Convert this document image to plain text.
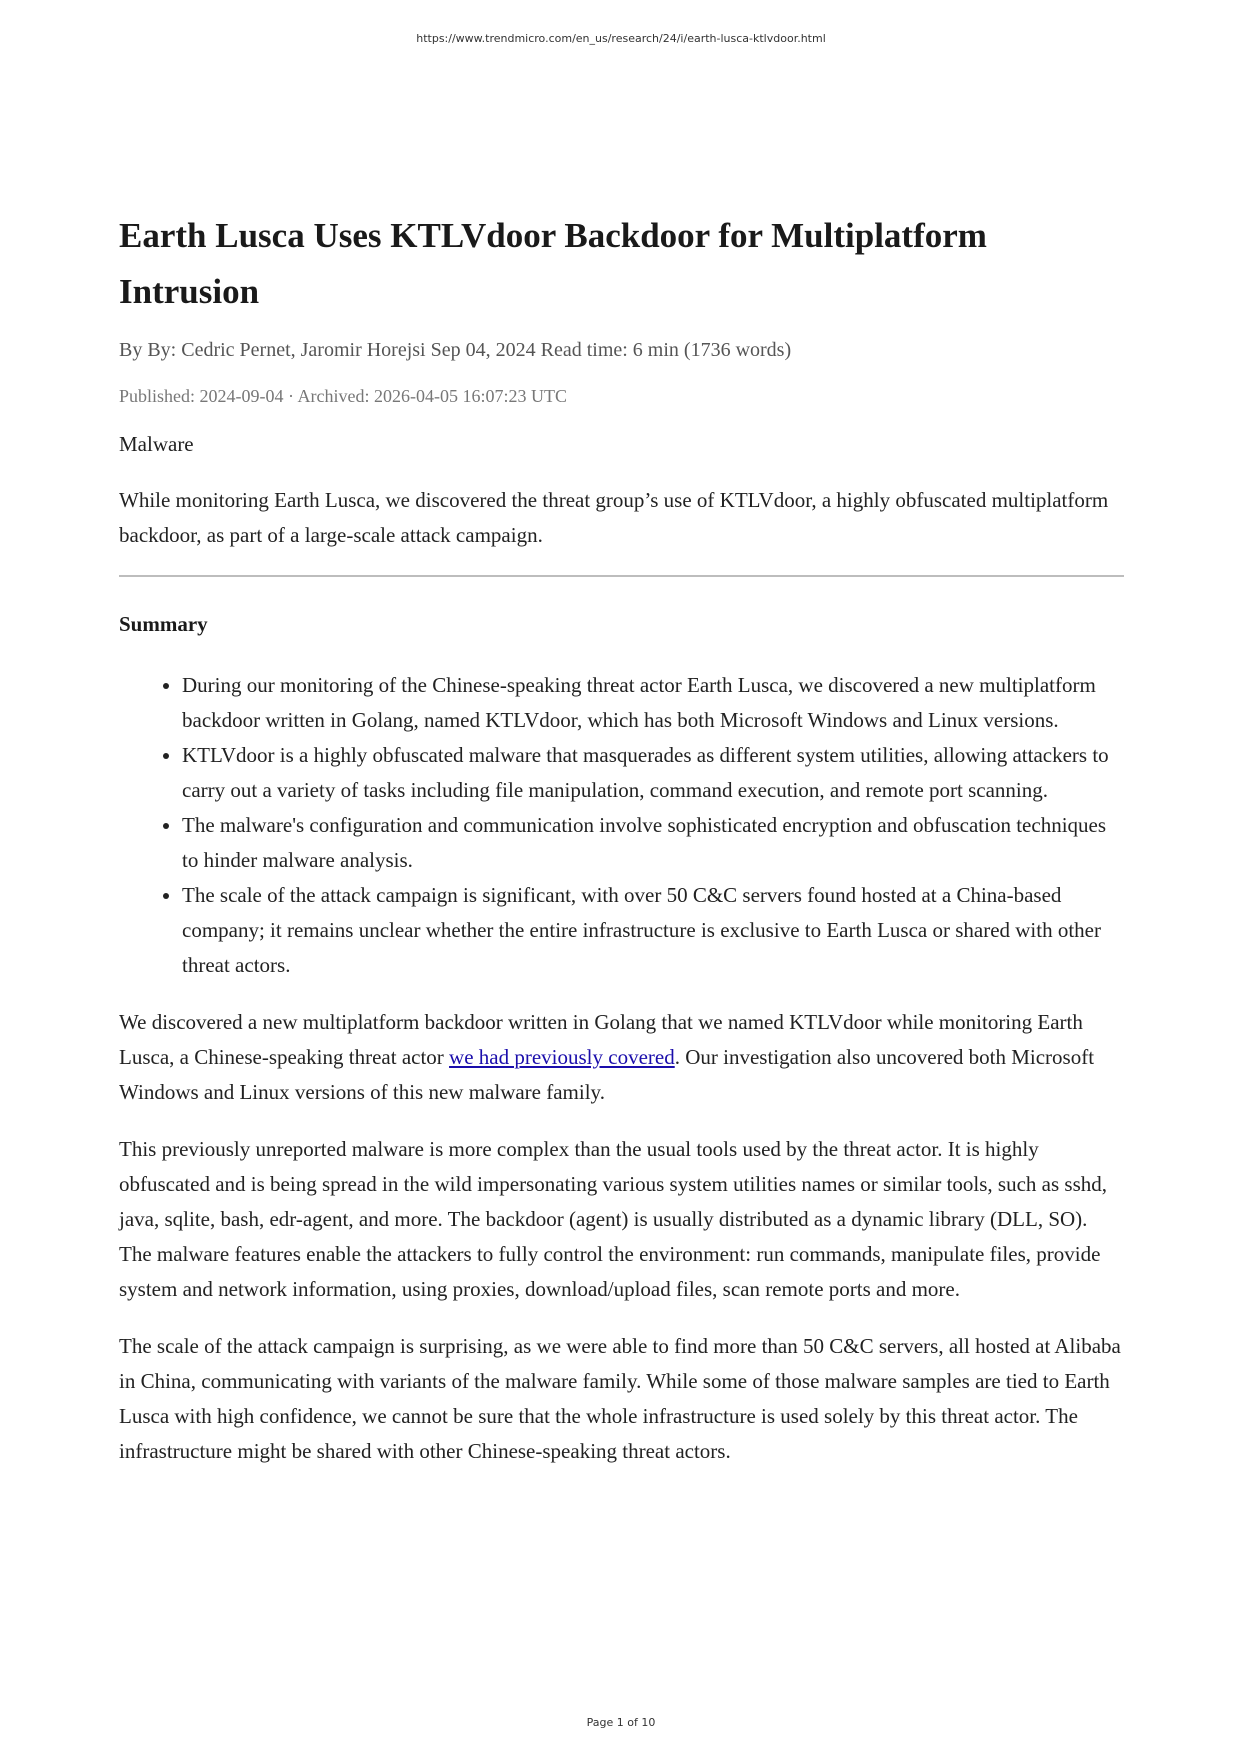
https://www.trendmicro.com/en_us/research/24/i/earth-lusca-ktlvdoor.html
Earth Lusca Uses KTLVdoor Backdoor for Multiplatform Intrusion
By By: Cedric Pernet, Jaromir Horejsi Sep 04, 2024 Read time: 6 min (1736 words)
Published: 2024-09-04 · Archived: 2026-04-05 16:07:23 UTC
Malware

While monitoring Earth Lusca, we discovered the threat group’s use of KTLVdoor, a highly obfuscated multiplatform backdoor, as part of a large-scale attack campaign.

Summary
• During our monitoring of the Chinese-speaking threat actor Earth Lusca, we discovered a new multiplatform backdoor written in Golang, named KTLVdoor, which has both Microsoft Windows and Linux versions.
• KTLVdoor is a highly obfuscated malware that masquerades as different system utilities, allowing attackers to carry out a variety of tasks including file manipulation, command execution, and remote port scanning.
• The malware's configuration and communication involve sophisticated encryption and obfuscation techniques to hinder malware analysis.
• The scale of the attack campaign is significant, with over 50 C&C servers found hosted at a China-based company; it remains unclear whether the entire infrastructure is exclusive to Earth Lusca or shared with other threat actors.

We discovered a new multiplatform backdoor written in Golang that we named KTLVdoor while monitoring Earth Lusca, a Chinese-speaking threat actor we had previously covered. Our investigation also uncovered both Microsoft Windows and Linux versions of this new malware family.

This previously unreported malware is more complex than the usual tools used by the threat actor. It is highly obfuscated and is being spread in the wild impersonating various system utilities names or similar tools, such as sshd, java, sqlite, bash, edr-agent, and more. The backdoor (agent) is usually distributed as a dynamic library (DLL, SO). The malware features enable the attackers to fully control the environment: run commands, manipulate files, provide system and network information, using proxies, download/upload files, scan remote ports and more.

The scale of the attack campaign is surprising, as we were able to find more than 50 C&C servers, all hosted at Alibaba in China, communicating with variants of the malware family. While some of those malware samples are tied to Earth Lusca with high confidence, we cannot be sure that the whole infrastructure is used solely by this threat actor. The infrastructure might be shared with other Chinese-speaking threat actors.

Page 1 of 10
